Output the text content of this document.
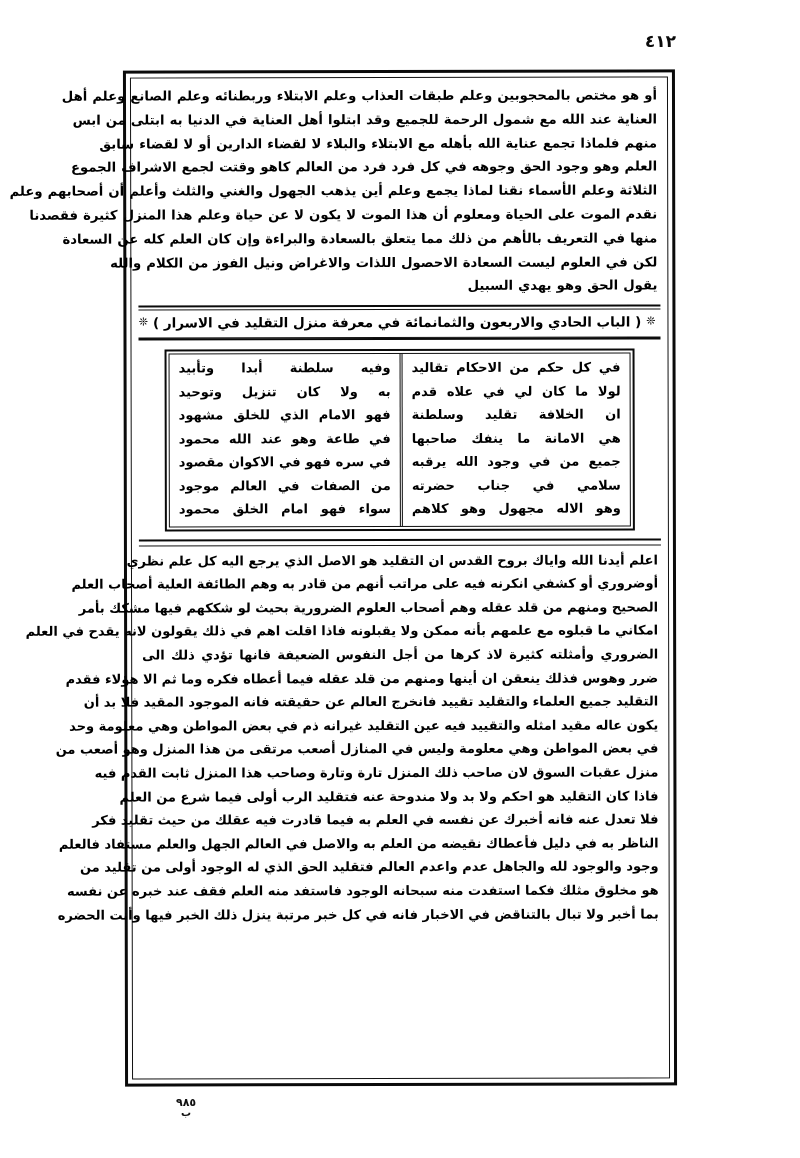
٤١٢
أو هو مختص بالمحجوبين وعلم طبقات العذاب وعلم الابتلاء وربطنائه وعلم الصانع وعلم أهل
العناية عند الله مع شمول الرحمة للجميع وقد ابتلوا أهل العناية في الدنيا به ابتلى من ابس
منهم فلماذا تجمع عناية الله بأهله مع الابتلاء والبلاء لا لقضاء الدارين أو لا لقضاء سابق
العلم وهو وجود الحق وجوهه في كل فرد فرد من العالم كاهو وقتت لجمع الاشراف الجموع
الثلاثة وعلم الأسماء نقنا لماذا يجمع وعلم أين يذهب الجهول والغني والثلث وأعلم أن أصحابهم وعلم
نقدم الموت على الحياة ومعلوم أن هذا الموت لا يكون لا عن حياة وعلم هذا المنزل كثيرة فقصدنا
منها في التعريف بالأهم من ذلك مما يتعلق بالسعادة والبراءة وإن كان العلم كله عن السعادة
لكن في العلوم ليست السعادة الاحصول اللذات والاغراض ونيل الفوز من الكلام والله
يقول الحق وهو يهدي السبيل
❊( الباب الحادي والاربعون والثمانمائة في معرفة منزل التقليد في الاسرار )❊
في كل حكم من الاحكام تقاليد
لولا ما كان لي في علاه قدم
ان الخلافة تقليد وسلطنة
هي الامانة ما ينفك صاحبها
جميع من في وجود الله يرقبه
سلامي في جناب حضرته
وهو الاله مجهول وهو كلاهم
وفيه سلطنة أبدا وتأبيد
به ولا كان تنزيل وتوحيد
فهو الامام الذي للخلق مشهود
في طاعة وهو عند الله محمود
في سره فهو في الاكوان مقصود
من الصفات في العالم موجود
سواء فهو امام الخلق محمود
اعلم أيدنا الله واياك بروح القدس ان التقليد هو الاصل الذي يرجع اليه كل علم نظري
أوضروري أو كشفي انكرنه فيه على مراتب أنهم من قادر به وهم الطائفة العلية أصحاب العلم
الصحيح ومنهم من قلد عقله وهم أصحاب العلوم الضرورية بحيث لو شككهم فيها مشكك بأمر
امكاني ما قبلوه مع علمهم بأنه ممكن ولا يقبلونه فاذا اقلت اهم في ذلك يقولون لانه يقدح في العلم
الضروري وأمثلته كثيرة لاذ كرها من أجل النفوس الضعيفة فانها تؤدي ذلك الى
ضرر وهوس فذلك ينعقن ان أينها ومنهم من قلد عقله فيما أعطاه فكره وما ثم الا هؤلاء فقدم
التقليد جميع العلماء والتقليد تقييد فانخرج العالم عن حقيقته فانه الموجود المقيد فلا بد أن
يكون عاله مقيد امثله والتقييد فيه عين التقليد غيرانه ذم في بعض المواطن وهي معلومة وحد
في بعض المواطن وهي معلومة وليس في المنازل أصعب مرتقى من هذا المنزل وهو أصعب من
منزل عقبات السوق لان صاحب ذلك المنزل تارة وتارة وصاحب هذا المنزل ثابت القدم فيه
فاذا كان التقليد هو احكم ولا بد ولا مندوحة عنه فتقليد الرب أولى فيما شرع من العلم
فلا تعدل عنه فانه أخبرك عن نفسه في العلم به فيما قادرت فيه عقلك من حيث تقليد فكر
الناظر به في دليل فأعطاك نقيضه من العلم به والاصل في العالم الجهل والعلم مستفاد فالعلم
وجود والوجود لله والجاهل عدم واعدم العالم فتقليد الحق الذي له الوجود أولى من تقليد من
هو مخلوق مثلك فكما استفدت منه سبحانه الوجود فاستفد منه العلم فقف عند خبره عن نفسه
بما أخبر ولا تبال بالتناقض في الاخبار فانه في كل خبر مرتبة ينزل ذلك الخبر فيها وأنت الحضره
٩٨٥
ب
